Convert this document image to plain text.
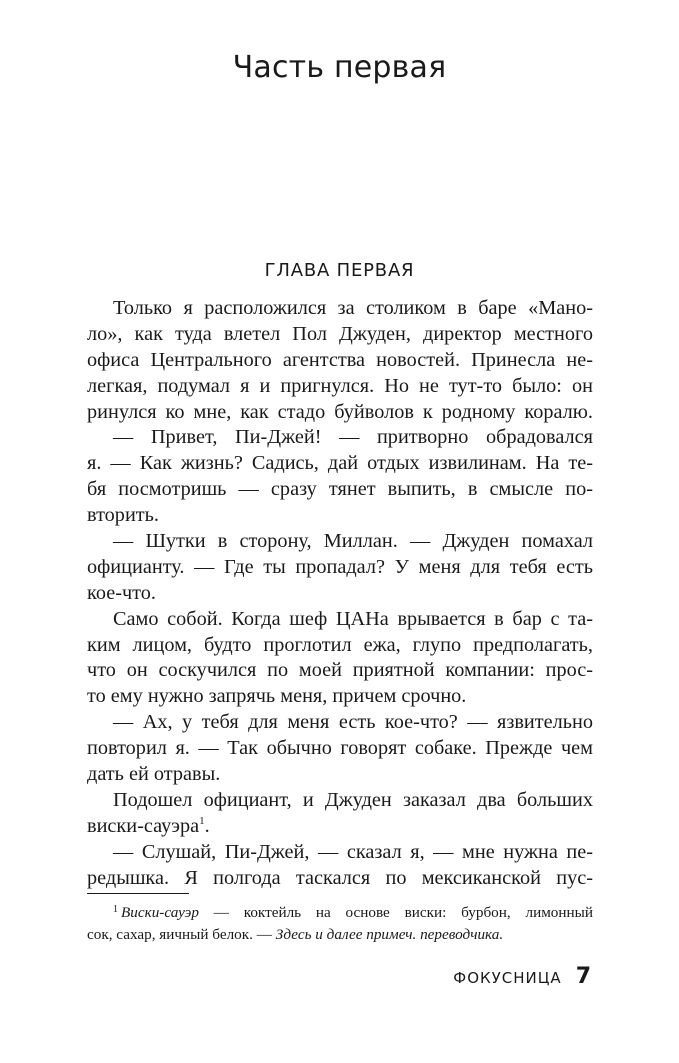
Часть первая
ГЛАВА ПЕРВАЯ
Только я расположился за столиком в баре «Мано-
ло», как туда влетел Пол Джуден, директор местного
офиса Центрального агентства новостей. Принесла не-
легкая, подумал я и пригнулся. Но не тут-то было: он
ринулся ко мне, как стадо буйволов к родному коралю.
— Привет, Пи-Джей! — притворно обрадовался
я. — Как жизнь? Садись, дай отдых извилинам. На те-
бя посмотришь — сразу тянет выпить, в смысле по-
вторить.
— Шутки в сторону, Миллан. — Джуден помахал
официанту. — Где ты пропадал? У меня для тебя есть
кое-что.
Само собой. Когда шеф ЦАНа врывается в бар с та-
ким лицом, будто проглотил ежа, глупо предполагать,
что он соскучился по моей приятной компании: прос-
то ему нужно запрячь меня, причем срочно.
— Ах, у тебя для меня есть кое-что? — язвительно
повторил я. — Так обычно говорят собаке. Прежде чем
дать ей отравы.
Подошел официант, и Джуден заказал два больших
виски-сауэра$^1$.
— Слушай, Пи-Джей, — сказал я, — мне нужна пе-
редышка. Я полгода таскался по мексиканской пус-
$^1$ Виски-сауэр — коктейль на основе виски: бурбон, лимонный
сок, сахар, яичный белок. — Здесь и далее примеч. переводчика.
ФОКУСНИЦА 7
